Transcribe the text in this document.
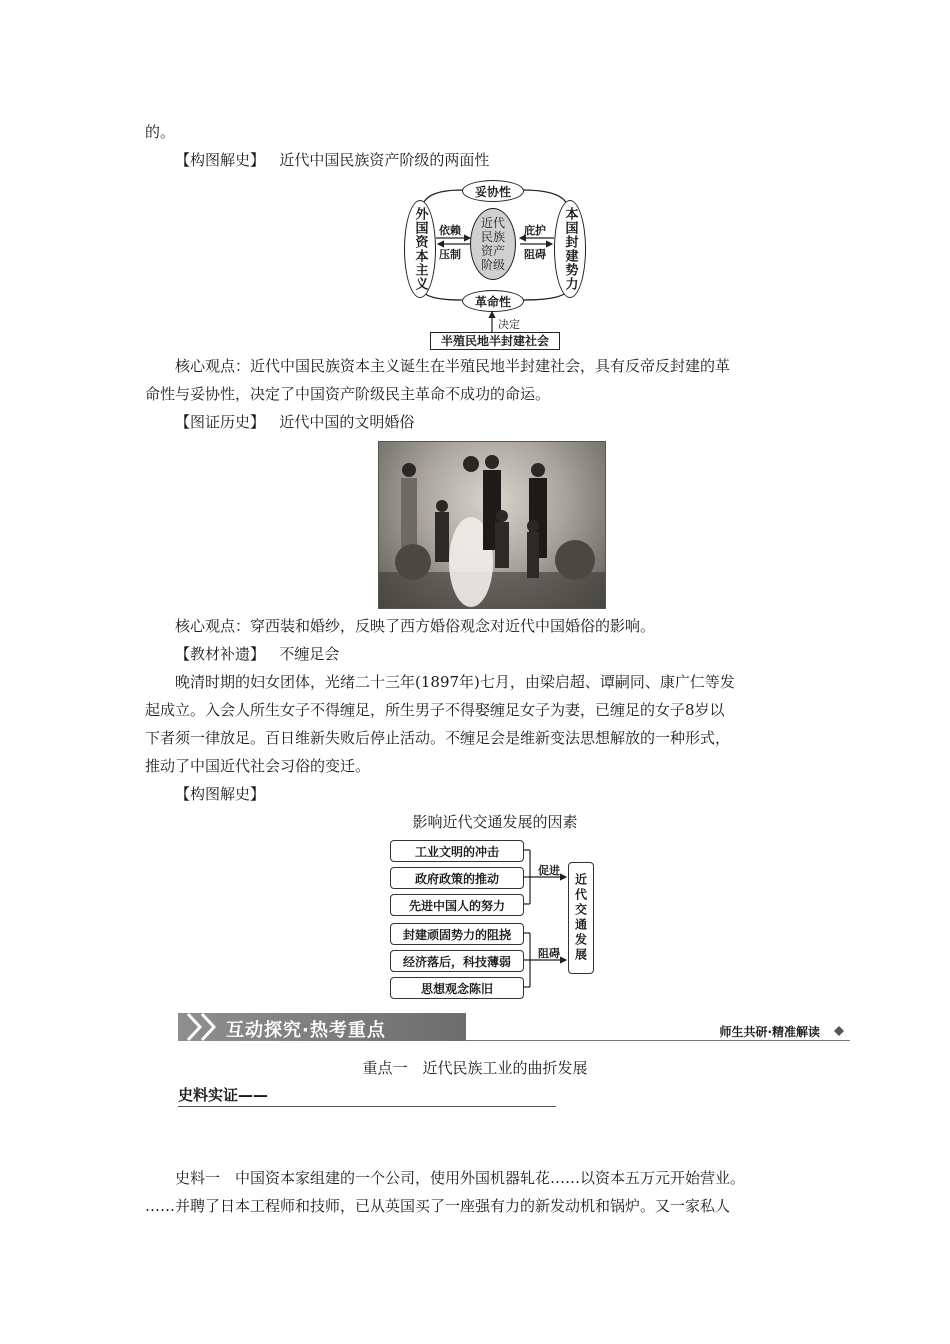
的。
【构图解史】 近代中国民族资产阶级的两面性
妥协性
革命性
外国资本主义	本国封建势力
近代民族资产阶级
依赖
压制
庇护
阻碍
决定
半殖民地半封建社会
核心观点：近代中国民族资本主义诞生在半殖民地半封建社会，具有反帝反封建的革
命性与妥协性，决定了中国资产阶级民主革命不成功的命运。
【图证历史】 近代中国的文明婚俗
核心观点：穿西装和婚纱，反映了西方婚俗观念对近代中国婚俗的影响。
【教材补遗】 不缠足会
晚清时期的妇女团体，光绪二十三年(1897年)七月，由梁启超、谭嗣同、康广仁等发
起成立。入会人所生女子不得缠足，所生男子不得娶缠足女子为妻，已缠足的女子8岁以
下者须一律放足。百日维新失败后停止活动。不缠足会是维新变法思想解放的一种形式，
推动了中国近代社会习俗的变迁。
【构图解史】
影响近代交通发展的因素
工业文明的冲击
政府政策的推动
先进中国人的努力
封建顽固势力的阻挠
经济落后，科技薄弱
思想观念陈旧
促进
阻碍	近代交通发展
互动探究·热考重点	师生共研·精准解读
重点一　近代民族工业的曲折发展
史料实证——
史料一　中国资本家组建的一个公司，使用外国机器轧花……以资本五万元开始营业。
……并聘了日本工程师和技师，已从英国买了一座强有力的新发动机和锅炉。又一家私人
